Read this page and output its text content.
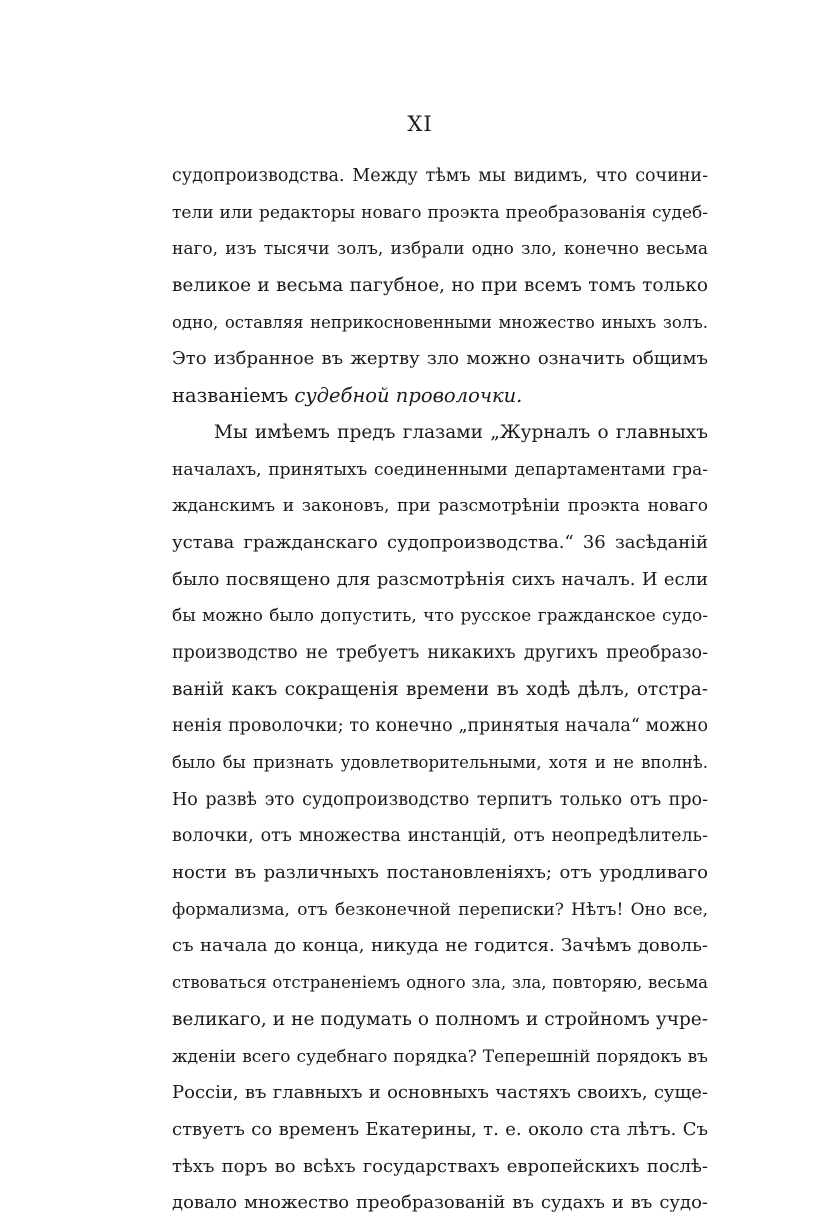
XI
судопроизводства. Между тѣмъ мы видимъ, что сочини-
тели или редакторы новаго проэкта преобразованія судеб-
наго, изъ тысячи золъ, избрали одно зло, конечно весьма
великое и весьма пагубное, но при всемъ томъ только
одно, оставляя неприкосновенными множество иныхъ золъ.
Это избранное въ жертву зло можно означить общимъ
названіемъ судебной проволочки.
Мы имѣемъ предъ глазами „Журналъ о главныхъ
началахъ, принятыхъ соединенными департаментами гра-
жданскимъ и законовъ, при разсмотрѣніи проэкта новаго
устава гражданскаго судопроизводства.“ 36 засѣданій
было посвящено для разсмотрѣнія сихъ началъ. И если
бы можно было допустить, что русское гражданское судо-
производство не требуетъ никакихъ другихъ преобразо-
ваній какъ сокращенія времени въ ходѣ дѣлъ, отстра-
ненія проволочки; то конечно „принятыя начала“ можно
было бы признать удовлетворительными, хотя и не вполнѣ.
Но развѣ это судопроизводство терпитъ только отъ про-
волочки, отъ множества инстанцій, отъ неопредѣлитель-
ности въ различныхъ постановленіяхъ; отъ уродливаго
формализма, отъ безконечной переписки? Нѣтъ! Оно все,
съ начала до конца, никуда не годится. Зачѣмъ доволь-
ствоваться отстраненіемъ одного зла, зла, повторяю, весьма
великаго, и не подумать о полномъ и стройномъ учре-
жденіи всего судебнаго порядка? Теперешній порядокъ въ
Россіи, въ главныхъ и основныхъ частяхъ своихъ, суще-
ствуетъ со временъ Екатерины, т. е. около ста лѣтъ. Съ
тѣхъ поръ во всѣхъ государствахъ европейскихъ послѣ-
довало множество преобразованій въ судахъ и въ судо-
